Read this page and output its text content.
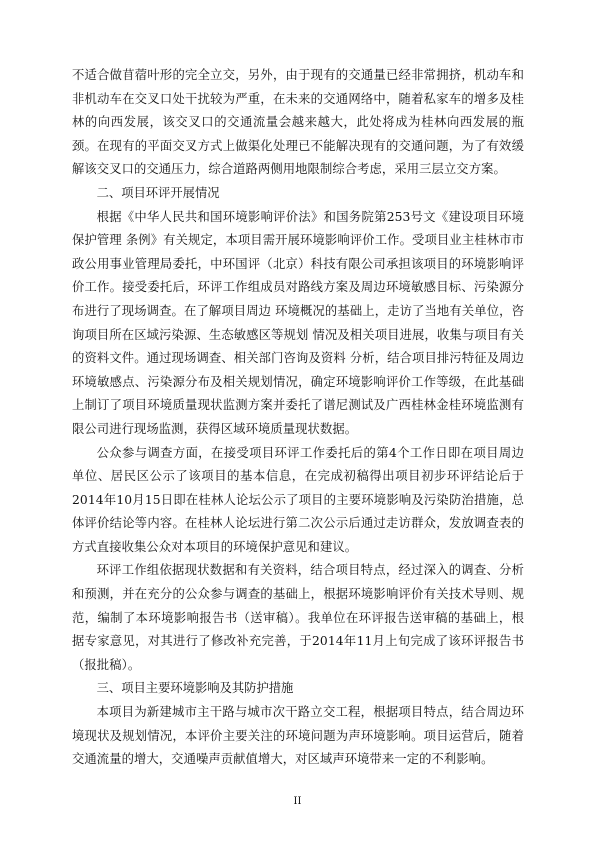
不适合做苜蓿叶形的完全立交，另外，由于现有的交通量已经非常拥挤，机动车和非机动车在交叉口处干扰较为严重，在未来的交通网络中，随着私家车的增多及桂林的向西发展，该交叉口的交通流量会越来越大，此处将成为桂林向西发展的瓶颈。在现有的平面交叉方式上做渠化处理已不能解决现有的交通问题，为了有效缓解该交叉口的交通压力，综合道路两侧用地限制综合考虑，采用三层立交方案。

二、项目环评开展情况

根据《中华人民共和国环境影响评价法》和国务院第253号文《建设项目环境保护管理 条例》有关规定，本项目需开展环境影响评价工作。受项目业主桂林市市政公用事业管理局委托，中环国评（北京）科技有限公司承担该项目的环境影响评价工作。接受委托后，环评工作组成员对路线方案及周边环境敏感目标、污染源分布进行了现场调查。在了解项目周边 环境概况的基础上，走访了当地有关单位，咨询项目所在区域污染源、生态敏感区等规划 情况及相关项目进展，收集与项目有关的资料文件。通过现场调查、相关部门咨询及资料 分析，结合项目排污特征及周边环境敏感点、污染源分布及相关规划情况，确定环境影响评价工作等级，在此基础上制订了项目环境质量现状监测方案并委托了谱尼测试及广西桂林金桂环境监测有限公司进行现场监测，获得区域环境质量现状数据。

公众参与调查方面，在接受项目环评工作委托后的第4个工作日即在项目周边单位、居民区公示了该项目的基本信息，在完成初稿得出项目初步环评结论后于2014年10月15日即在桂林人论坛公示了项目的主要环境影响及污染防治措施，总体评价结论等内容。在桂林人论坛进行第二次公示后通过走访群众，发放调查表的方式直接收集公众对本项目的环境保护意见和建议。

环评工作组依据现状数据和有关资料，结合项目特点，经过深入的调查、分析和预测，并在充分的公众参与调查的基础上，根据环境影响评价有关技术导则、规范，编制了本环境影响报告书（送审稿）。我单位在环评报告送审稿的基础上，根据专家意见，对其进行了修改补充完善，于2014年11月上旬完成了该环评报告书（报批稿）。

三、项目主要环境影响及其防护措施

本项目为新建城市主干路与城市次干路立交工程，根据项目特点，结合周边环境现状及规划情况，本评价主要关注的环境问题为声环境影响。项目运营后，随着交通流量的增大，交通噪声贡献值增大，对区域声环境带来一定的不利影响。

II
